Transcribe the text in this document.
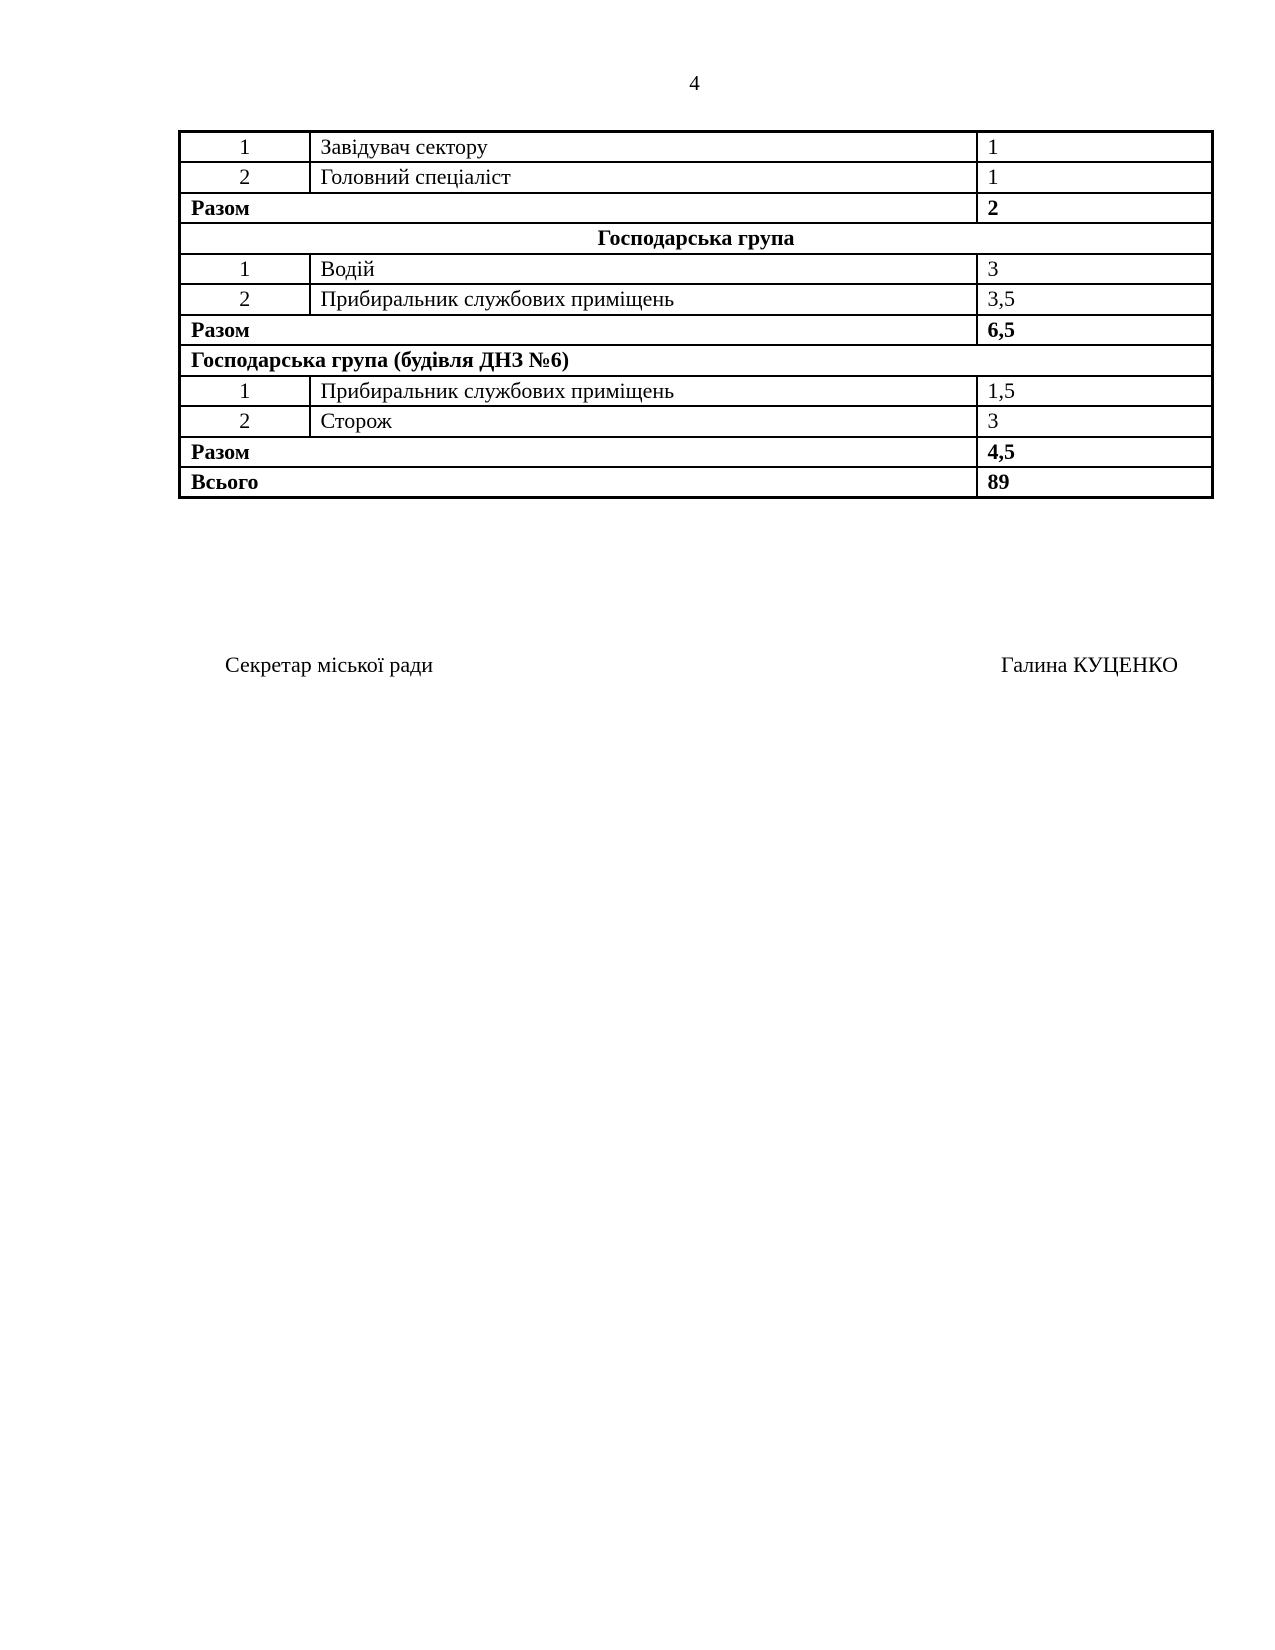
4
1	Завідувач сектору	1
2	Головний спеціаліст	1
Разом		2
Господарська група		
1	Водій	3
2	Прибиральник службових приміщень	3,5
Разом		6,5
Господарська група (будівля ДНЗ №6)		
1	Прибиральник службових приміщень	1,5
2	Сторож	3
Разом		4,5
Всього		89
Секретар міської ради	Галина КУЦЕНКО
